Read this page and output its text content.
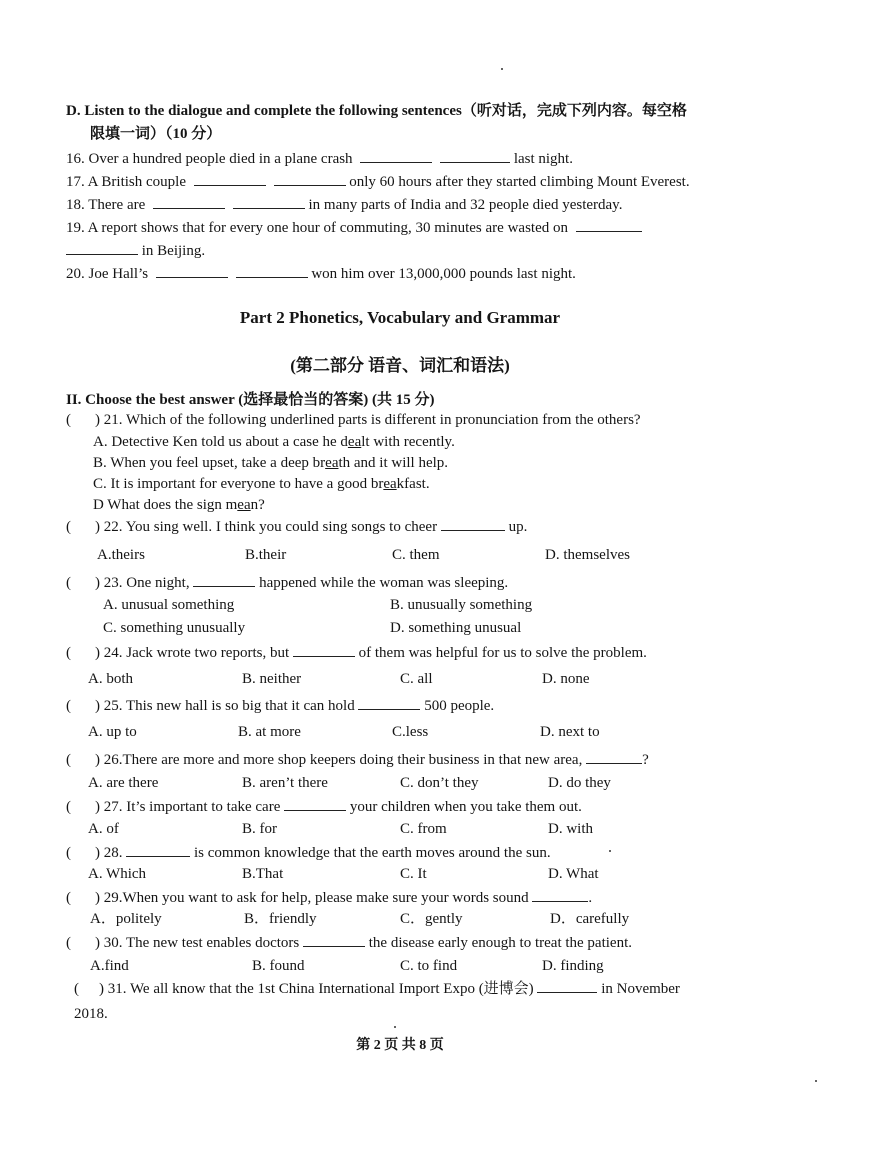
D. Listen to the dialogue and complete the following sentences（听对话，完成下列内容。每空格
限填一词）（10 分）
16. Over a hundred people died in a plane crash	last night.
17. A British couple	only 60 hours after they started climbing Mount Everest.
18. There are	in many parts of India and 32 people died yesterday.
19. A report shows that for every one hour of commuting, 30 minutes are wasted on
in Beijing.
20. Joe Hall’s	won him over 13,000,000 pounds last night.
Part 2 Phonetics, Vocabulary and Grammar
(第二部分 语音、词汇和语法)
II. Choose the best answer (选择最恰当的答案) (共 15 分)
( ) 21. Which of the following underlined parts is different in pronunciation from the others?
A. Detective Ken told us about a case he dealt with recently.
B. When you feel upset, take a deep breath and it will help.
C. It is important for everyone to have a good breakfast.
D What does the sign mean?
( ) 22. You sing well. I think you could sing songs to cheer	up.
A.theirs	B.their	C. them	D. themselves
( ) 23. One night,	happened while the woman was sleeping.
A. unusual something	B. unusually something
C. something unusually	D. something unusual
( ) 24. Jack wrote two reports, but	of them was helpful for us to solve the problem.
A. both	B. neither	C. all	D. none
( ) 25. This new hall is so big that it can hold	500 people.
A. up to	B. at more	C.less	D. next to
( ) 26.There are more and more shop keepers doing their business in that new area,	?
A. are there	B. aren’t there	C. don’t they	D. do they
( ) 27. It’s important to take care	your children when you take them out.
A. of	B. for	C. from	D. with
( ) 28.	is common knowledge that the earth moves around the sun.
A. Which	B.That	C. It	D. What
( ) 29.When you want to ask for help, please make sure your words sound	.
A．politely	B．friendly	C．gently	D．carefully
( ) 30. The new test enables doctors	the disease early enough to treat the patient.
A.find	B. found	C. to find	D. finding
( ) 31. We all know that the 1st China International Import Expo (进博会)	in November
2018.
第 2 页 共 8 页
